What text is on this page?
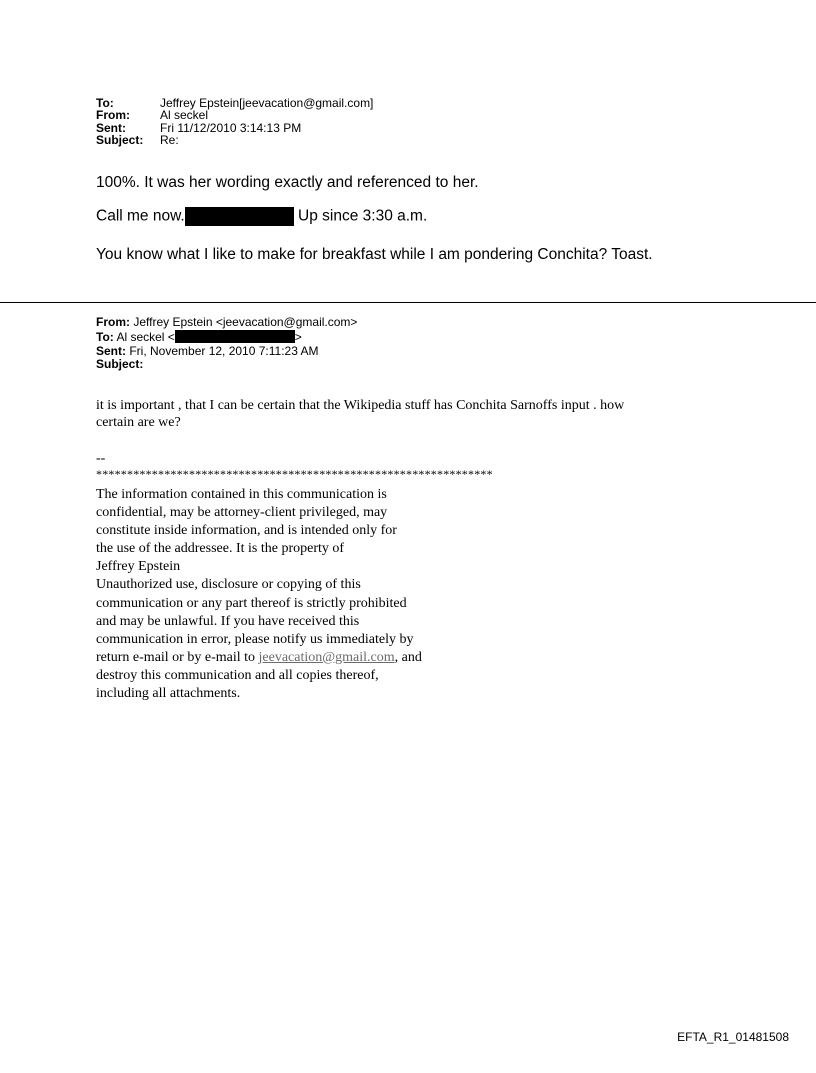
To:	Jeffrey Epstein[jeevacation@gmail.com]
From:	Al seckel
Sent:	Fri 11/12/2010 3:14:13 PM
Subject:	Re:

100%. It was her wording exactly and referenced to her.

Call me now.	Up since 3:30 a.m.

You know what I like to make for breakfast while I am pondering Conchita? Toast.

From: Jeffrey Epstein <jeevacation@gmail.com>
To: Al seckel <	>
Sent: Fri, November 12, 2010 7:11:23 AM
Subject:
it is important , that I can be certain that the Wikipedia stuff has Conchita Sarnoffs input . how
certain are we?
--
****************************************************************
The information contained in this communication is
confidential, may be attorney-client privileged, may
constitute inside information, and is intended only for
the use of the addressee. It is the property of
Jeffrey Epstein
Unauthorized use, disclosure or copying of this
communication or any part thereof is strictly prohibited
and may be unlawful. If you have received this
communication in error, please notify us immediately by
return e-mail or by e-mail to jeevacation@gmail.com, and
destroy this communication and all copies thereof,
including all attachments.
EFTA_R1_01481508
